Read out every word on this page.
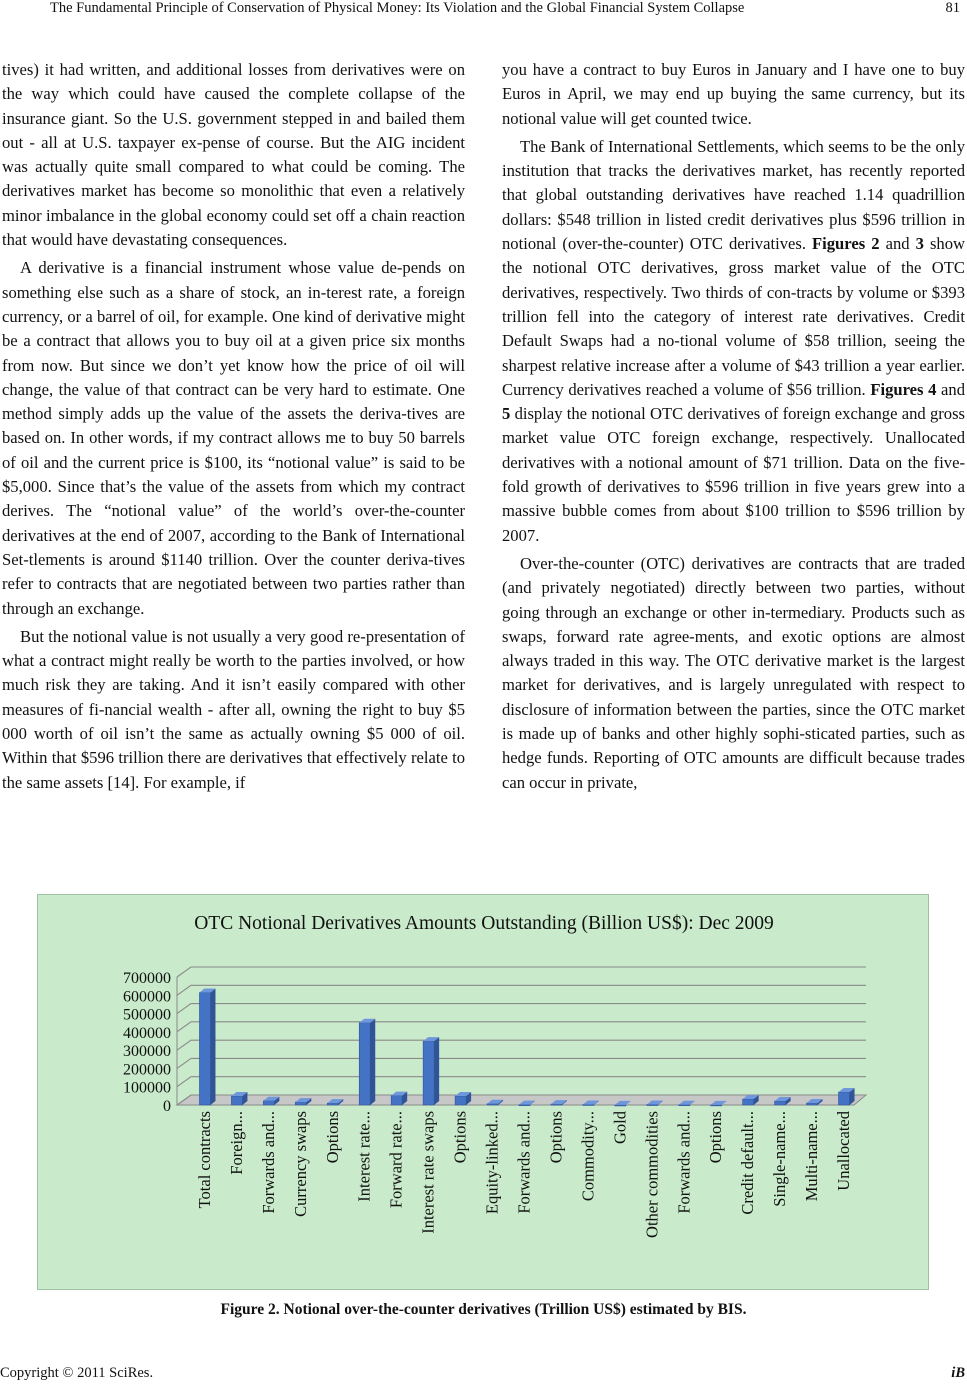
The Fundamental Principle of Conservation of Physical Money: Its Violation and the Global Financial System Collapse	81

tives) it had written, and additional losses from derivatives were on the way which could have caused the complete collapse of the insurance giant. So the U.S. government stepped in and bailed them out - all at U.S. taxpayer ex-pense of course. But the AIG incident was actually quite small compared to what could be coming. The derivatives market has become so monolithic that even a relatively minor imbalance in the global economy could set off a chain reaction that would have devastating consequences.

A derivative is a financial instrument whose value de-pends on something else such as a share of stock, an in-terest rate, a foreign currency, or a barrel of oil, for example. One kind of derivative might be a contract that allows you to buy oil at a given price six months from now. But since we don’t yet know how the price of oil will change, the value of that contract can be very hard to estimate. One method simply adds up the value of the assets the deriva-tives are based on. In other words, if my contract allows me to buy 50 barrels of oil and the current price is $100, its “notional value” is said to be $5,000. Since that’s the value of the assets from which my contract derives. The “notional value” of the world’s over-the-counter derivatives at the end of 2007, according to the Bank of International Set-tlements is around $1140 trillion. Over the counter deriva-tives refer to contracts that are negotiated between two parties rather than through an exchange.

But the notional value is not usually a very good re-presentation of what a contract might really be worth to the parties involved, or how much risk they are taking. And it isn’t easily compared with other measures of fi-nancial wealth - after all, owning the right to buy $5 000 worth of oil isn’t the same as actually owning $5 000 of oil. Within that $596 trillion there are derivatives that effectively relate to the same assets [14]. For example, if

you have a contract to buy Euros in January and I have one to buy Euros in April, we may end up buying the same currency, but its notional value will get counted twice.

The Bank of International Settlements, which seems to be the only institution that tracks the derivatives market, has recently reported that global outstanding derivatives have reached 1.14 quadrillion dollars: $548 trillion in listed credit derivatives plus $596 trillion in notional (over-the-counter) OTC derivatives. Figures 2 and 3 show the notional OTC derivatives, gross market value of the OTC derivatives, respectively. Two thirds of con-tracts by volume or $393 trillion fell into the category of interest rate derivatives. Credit Default Swaps had a no-tional volume of $58 trillion, seeing the sharpest relative increase after a volume of $43 trillion a year earlier. Currency derivatives reached a volume of $56 trillion. Figures 4 and 5 display the notional OTC derivatives of foreign exchange and gross market value OTC foreign exchange, respectively. Unallocated derivatives with a notional amount of $71 trillion. Data on the five-fold growth of derivatives to $596 trillion in five years grew into a massive bubble comes from about $100 trillion to $596 trillion by 2007.

Over-the-counter (OTC) derivatives are contracts that are traded (and privately negotiated) directly between two parties, without going through an exchange or other in-termediary. Products such as swaps, forward rate agree-ments, and exotic options are almost always traded in this way. The OTC derivative market is the largest market for derivatives, and is largely unregulated with respect to disclosure of information between the parties, since the OTC market is made up of banks and other highly sophi-sticated parties, such as hedge funds. Reporting of OTC amounts are difficult because trades can occur in private,

OTC Notional Derivatives Amounts Outstanding (Billion US$): Dec 2009
0
100000
200000
300000
400000
500000
600000
700000
Total contracts Foreign... Forwards and... Currency swaps Options Interest rate... Forward rate... Interest rate swaps Options Equity-linked... Forwards and... Options Commodity... Gold Other commodities Forwards and... Options Credit default... Single-name... Multi-name... Unallocated
Figure 2. Notional over-the-counter derivatives (Trillion US$) estimated by BIS.
Copyright © 2011 SciRes.	iB
